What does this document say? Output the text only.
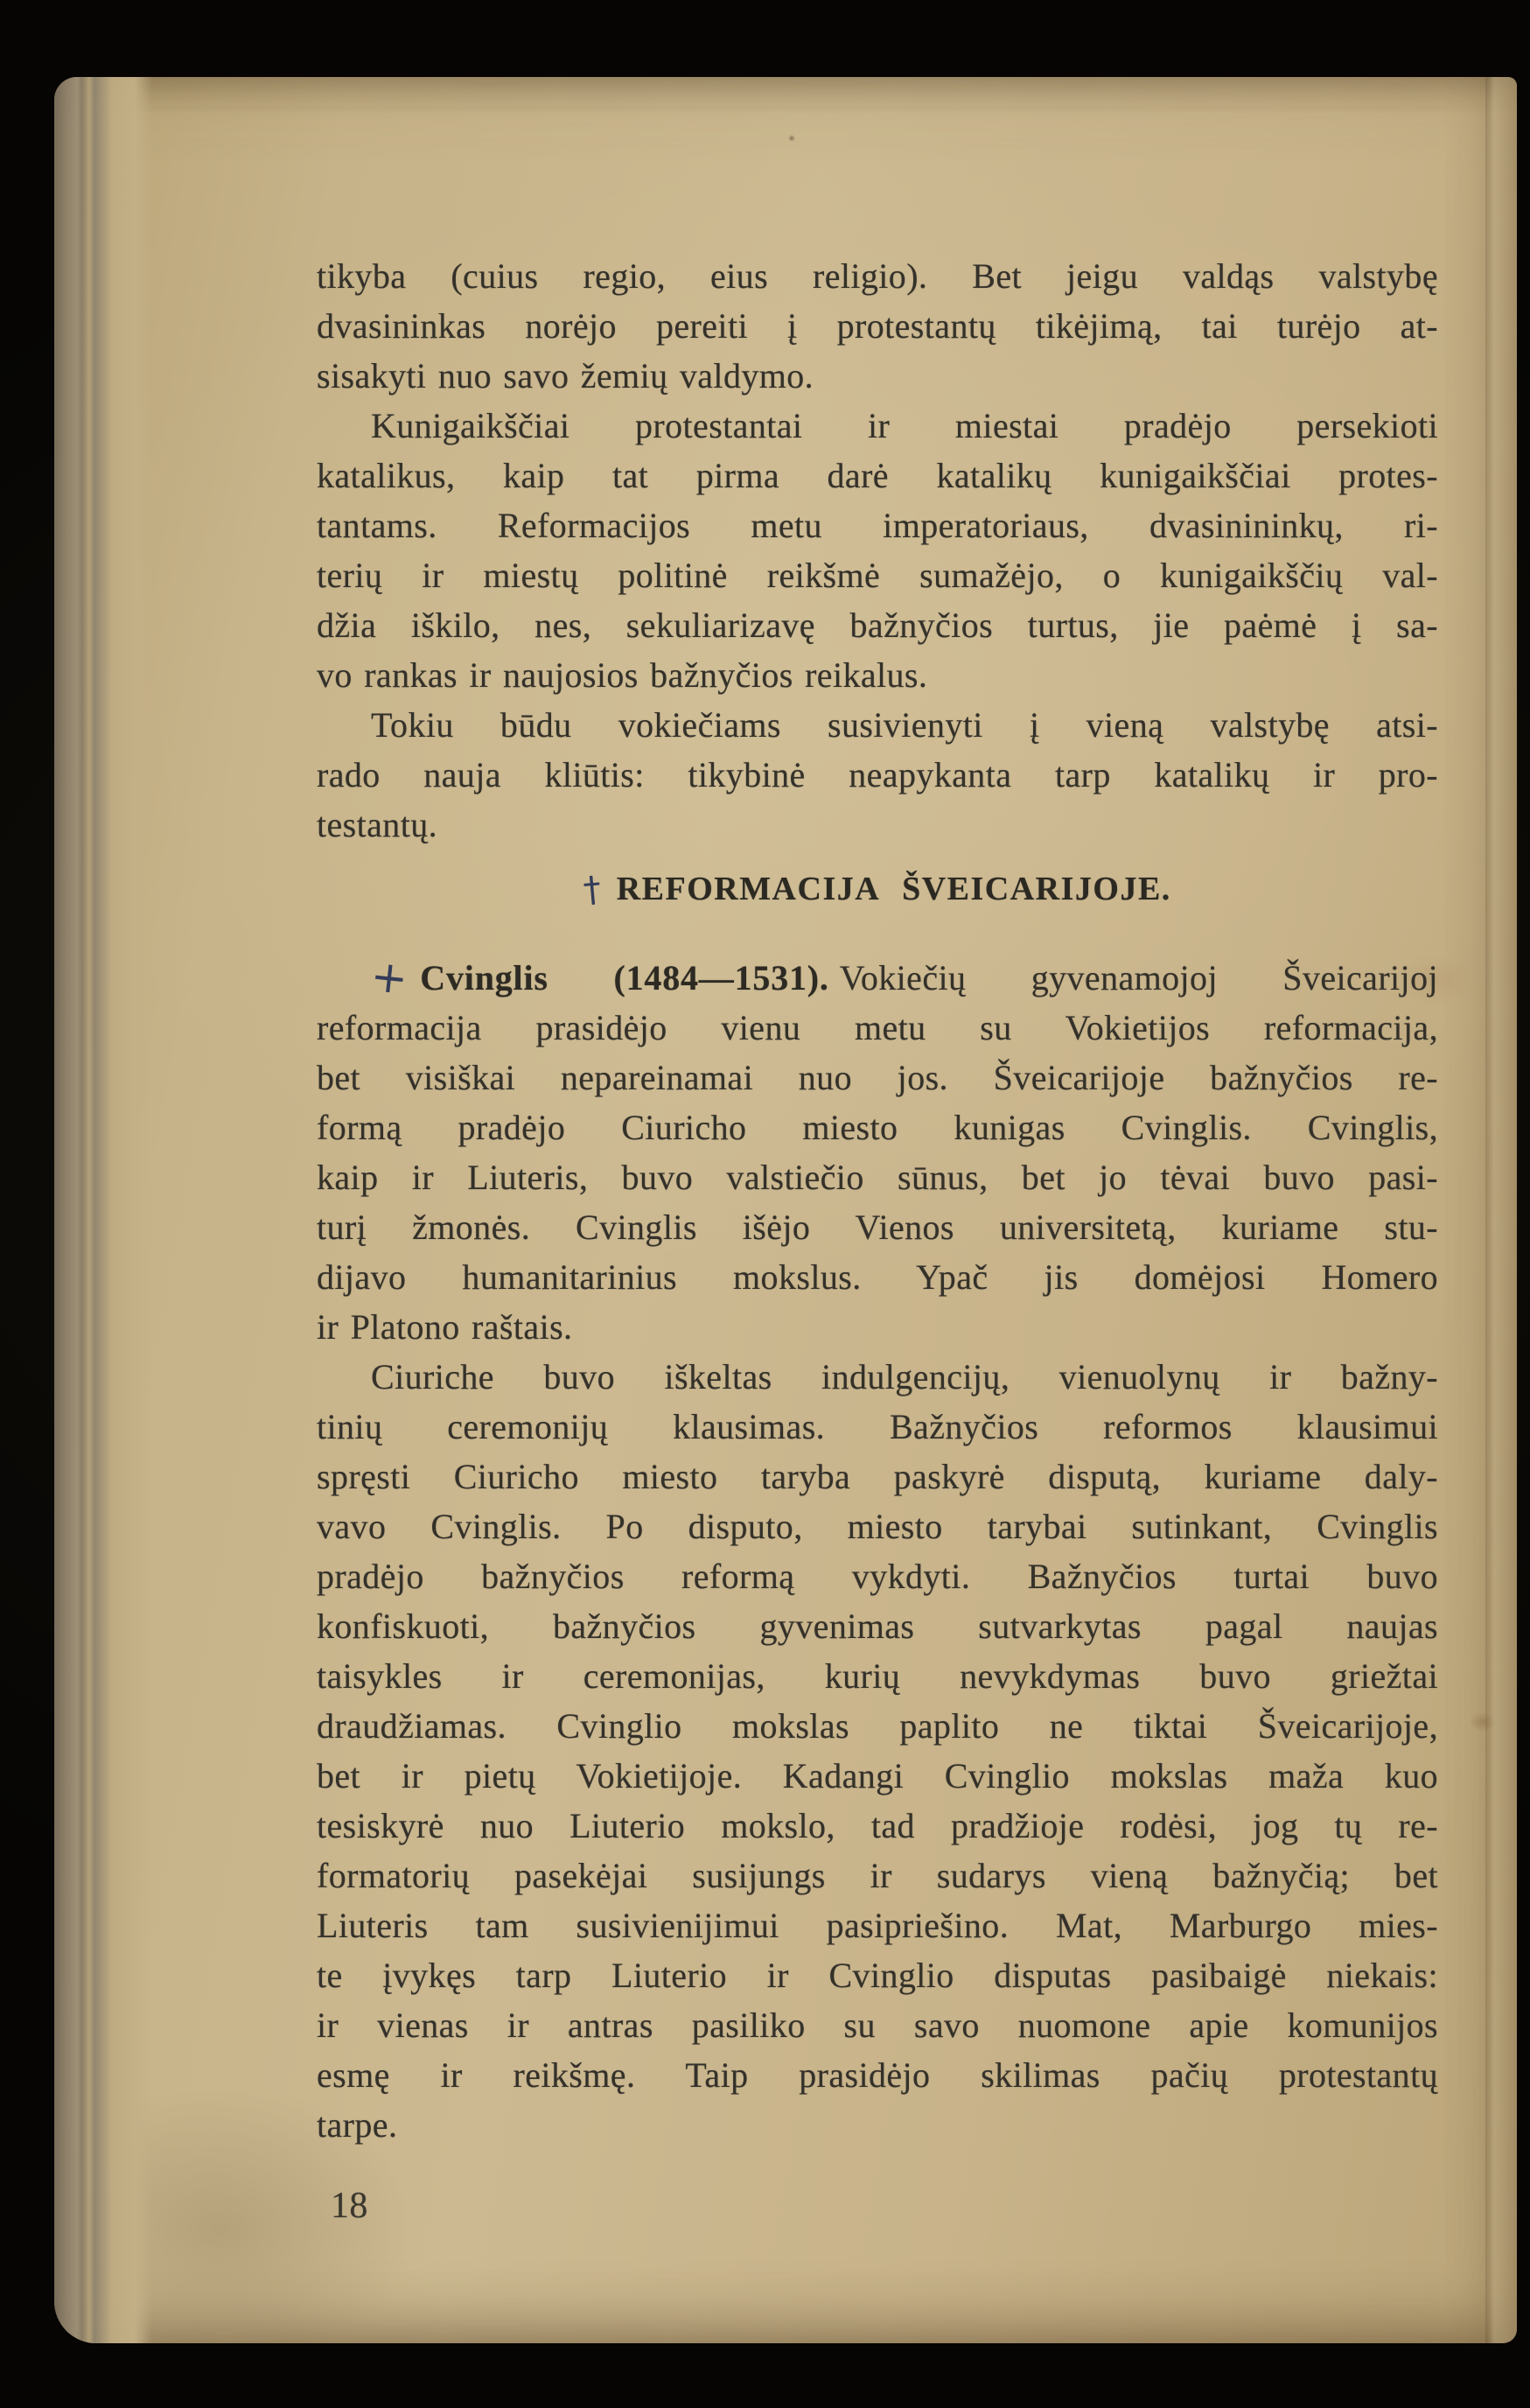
tikyba (cuius regio, eius religio). Bet jeigu valdąs valstybę
dvasininkas norėjo pereiti į protestantų tikėjimą, tai turėjo at-
sisakyti nuo savo žemių valdymo.
Kunigaikščiai protestantai ir miestai pradėjo persekioti
katalikus, kaip tat pirma darė katalikų kunigaikščiai protes-
tantams. Reformacijos metu imperatoriaus, dvasinininkų, ri-
terių ir miestų politinė reikšmė sumažėjo, o kunigaikščių val-
džia iškilo, nes, sekuliarizavę bažnyčios turtus, jie paėmė į sa-
vo rankas ir naujosios bažnyčios reikalus.
Tokiu būdu vokiečiams susivienyti į vieną valstybę atsi-
rado nauja kliūtis: tikybinė neapykanta tarp katalikų ir pro-
testantų.
† REFORMACIJA ŠVEICARIJOJE.
+ Cvinglis (1484—1531). Vokiečių gyvenamojoj Šveicarijoj
reformacija prasidėjo vienu metu su Vokietijos reformacija,
bet visiškai nepareinamai nuo jos. Šveicarijoje bažnyčios re-
formą pradėjo Ciuricho miesto kunigas Cvinglis. Cvinglis,
kaip ir Liuteris, buvo valstiečio sūnus, bet jo tėvai buvo pasi-
turį žmonės. Cvinglis išėjo Vienos universitetą, kuriame stu-
dijavo humanitarinius mokslus. Ypač jis domėjosi Homero
ir Platono raštais.
Ciuriche buvo iškeltas indulgencijų, vienuolynų ir bažny-
tinių ceremonijų klausimas. Bažnyčios reformos klausimui
spręsti Ciuricho miesto taryba paskyrė disputą, kuriame daly-
vavo Cvinglis. Po disputo, miesto tarybai sutinkant, Cvinglis
pradėjo bažnyčios reformą vykdyti. Bažnyčios turtai buvo
konfiskuoti, bažnyčios gyvenimas sutvarkytas pagal naujas
taisykles ir ceremonijas, kurių nevykdymas buvo griežtai
draudžiamas. Cvinglio mokslas paplito ne tiktai Šveicarijoje,
bet ir pietų Vokietijoje. Kadangi Cvinglio mokslas maža kuo
tesiskyrė nuo Liuterio mokslo, tad pradžioje rodėsi, jog tų re-
formatorių pasekėjai susijungs ir sudarys vieną bažnyčią; bet
Liuteris tam susivienijimui pasipriešino. Mat, Marburgo mies-
te įvykęs tarp Liuterio ir Cvinglio disputas pasibaigė niekais:
ir vienas ir antras pasiliko su savo nuomone apie komunijos
esmę ir reikšmę. Taip prasidėjo skilimas pačių protestantų
tarpe.
18
